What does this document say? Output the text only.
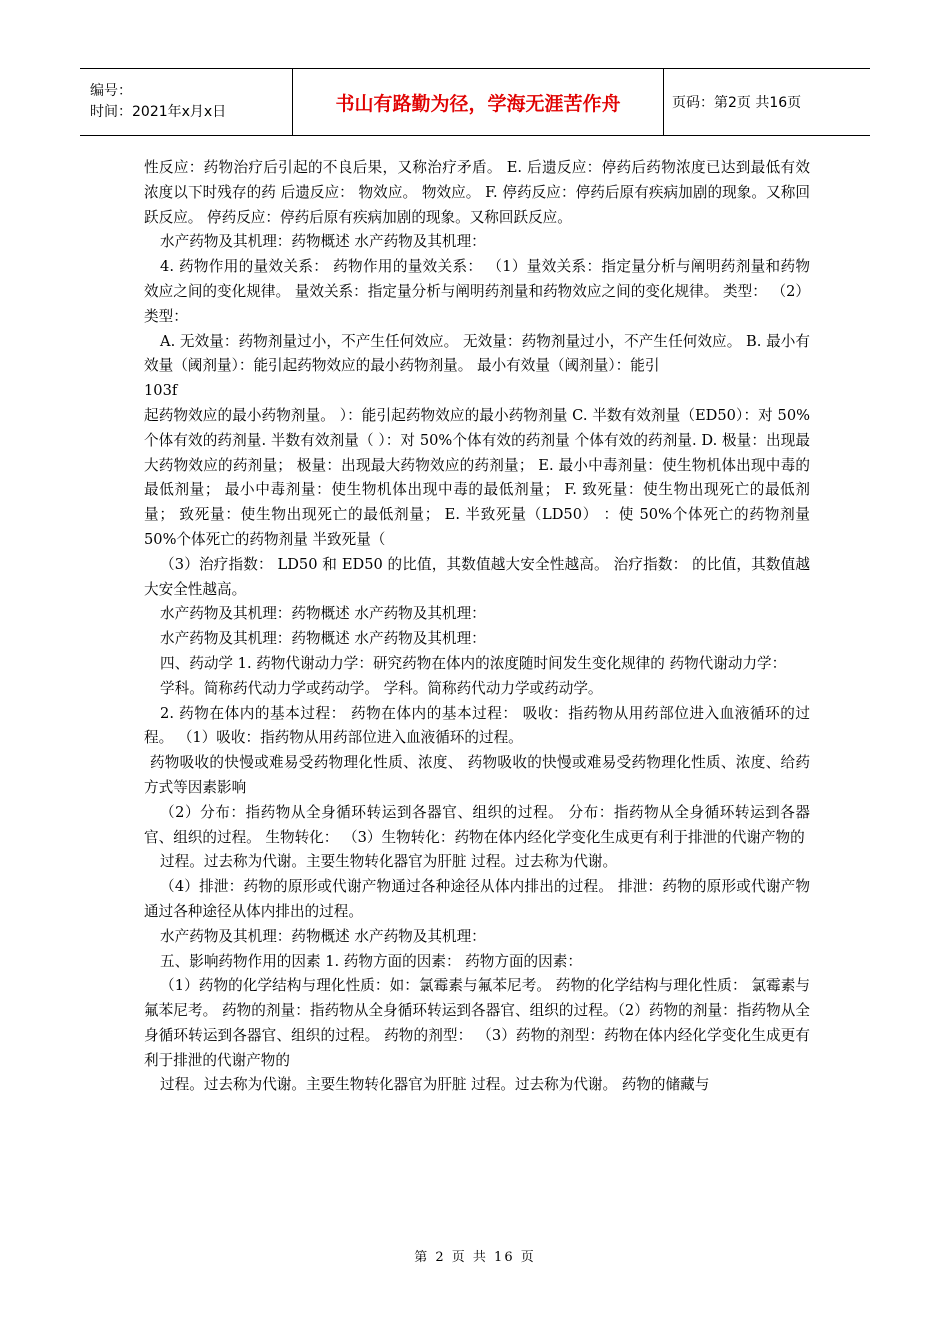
编号：
时间：2021年x月x日	书山有路勤为径，学海无涯苦作舟	页码：第2页 共16页

性反应：药物治疗后引起的不良后果，又称治疗矛盾。 E. 后遗反应：停药后药物浓度已达到最低有效浓度以下时残存的药 后遗反应： 物效应。 物效应。 F. 停药反应：停药后原有疾病加剧的现象。又称回跃反应。 停药反应：停药后原有疾病加剧的现象。又称回跃反应。

水产药物及其机理：药物概述 水产药物及其机理：

4. 药物作用的量效关系： 药物作用的量效关系： （1）量效关系：指定量分析与阐明药剂量和药物效应之间的变化规律。 量效关系：指定量分析与阐明药剂量和药物效应之间的变化规律。 类型： （2）类型：

A. 无效量：药物剂量过小，不产生任何效应。 无效量：药物剂量过小，不产生任何效应。 B. 最小有效量（阈剂量）：能引起药物效应的最小药物剂量。 最小有效量（阈剂量）：能引

103f

起药物效应的最小药物剂量。 ）：能引起药物效应的最小药物剂量 C. 半数有效剂量（ED50）：对 50%个体有效的药剂量. 半数有效剂量（ ）：对 50%个体有效的药剂量 个体有效的药剂量. D. 极量：出现最大药物效应的药剂量； 极量：出现最大药物效应的药剂量； E. 最小中毒剂量：使生物机体出现中毒的最低剂量； 最小中毒剂量：使生物机体出现中毒的最低剂量； F. 致死量：使生物出现死亡的最低剂量； 致死量：使生物出现死亡的最低剂量； E. 半致死量（LD50） ：使 50%个体死亡的药物剂量 50%个体死亡的药物剂量 半致死量（

（3）治疗指数： LD50 和 ED50 的比值，其数值越大安全性越高。 治疗指数： 的比值，其数值越大安全性越高。

水产药物及其机理：药物概述 水产药物及其机理：

水产药物及其机理：药物概述 水产药物及其机理：

四、药动学 1. 药物代谢动力学：研究药物在体内的浓度随时间发生变化规律的 药物代谢动力学：

学科。简称药代动力学或药动学。 学科。简称药代动力学或药动学。

2. 药物在体内的基本过程： 药物在体内的基本过程： 吸收：指药物从用药部位进入血液循环的过程。 （1）吸收：指药物从用药部位进入血液循环的过程。

药物吸收的快慢或难易受药物理化性质、浓度、 药物吸收的快慢或难易受药物理化性质、浓度、给药方式等因素影响

（2）分布：指药物从全身循环转运到各器官、组织的过程。 分布：指药物从全身循环转运到各器官、组织的过程。 生物转化： （3）生物转化：药物在体内经化学变化生成更有利于排泄的代谢产物的

过程。过去称为代谢。主要生物转化器官为肝脏 过程。过去称为代谢。

（4）排泄：药物的原形或代谢产物通过各种途径从体内排出的过程。 排泄：药物的原形或代谢产物通过各种途径从体内排出的过程。

水产药物及其机理：药物概述 水产药物及其机理：

五、影响药物作用的因素 1. 药物方面的因素： 药物方面的因素：

（1）药物的化学结构与理化性质：如：氯霉素与氟苯尼考。 药物的化学结构与理化性质： 氯霉素与氟苯尼考。 药物的剂量：指药物从全身循环转运到各器官、组织的过程。（2）药物的剂量：指药物从全身循环转运到各器官、组织的过程。 药物的剂型： （3）药物的剂型：药物在体内经化学变化生成更有利于排泄的代谢产物的

过程。过去称为代谢。主要生物转化器官为肝脏 过程。过去称为代谢。 药物的储藏与

第 2 页 共 16 页
